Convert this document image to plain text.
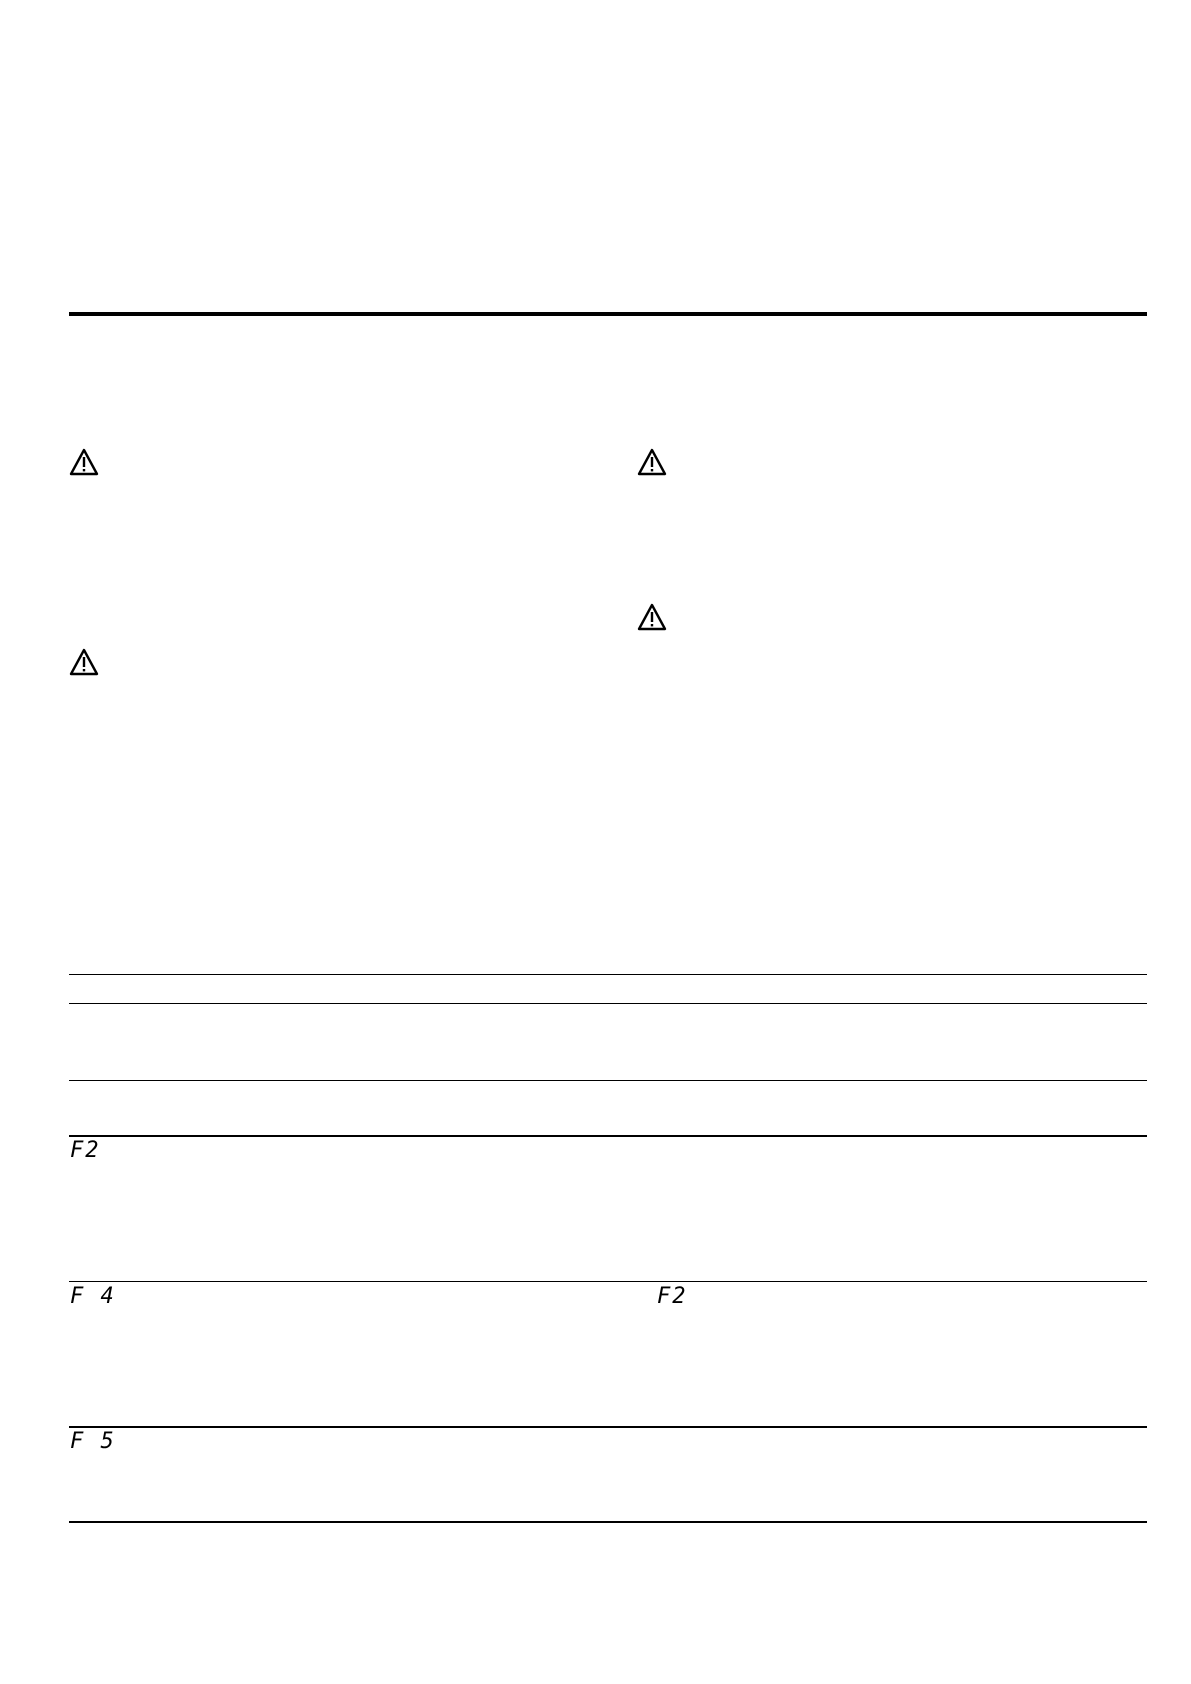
F2
F 4	F2
F 5
